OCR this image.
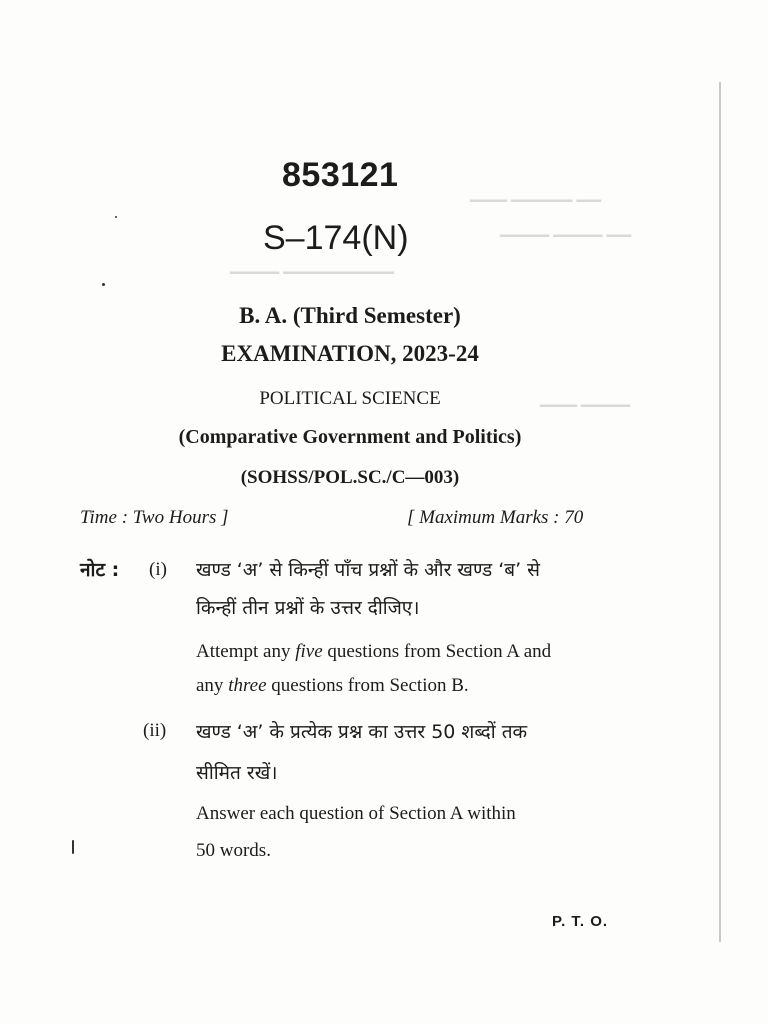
▁▁▁ ▁▁▁▁▁ ▁▁
▁▁▁▁ ▁▁▁▁ ▁▁
▁▁▁▁ ▁▁▁▁▁▁▁▁▁
▁▁▁ ▁▁▁▁
853121
S–174(N)
B. A. (Third Semester)
EXAMINATION, 2023-24
POLITICAL SCIENCE
(Comparative Government and Politics)
(SOHSS/POL.SC./C—003)
Time : Two Hours ]	[ Maximum Marks : 70
नोट : (i) खण्ड ‘अ’ से किन्हीं पाँच प्रश्नों के और खण्ड ‘ब’ से
किन्हीं तीन प्रश्नों के उत्तर दीजिए।
Attempt any five questions from Section A and
any three questions from Section B.
(ii) खण्ड ‘अ’ के प्रत्येक प्रश्न का उत्तर 50 शब्दों तक
सीमित रखें।
Answer each question of Section A within
50 words.
P. T. O.
